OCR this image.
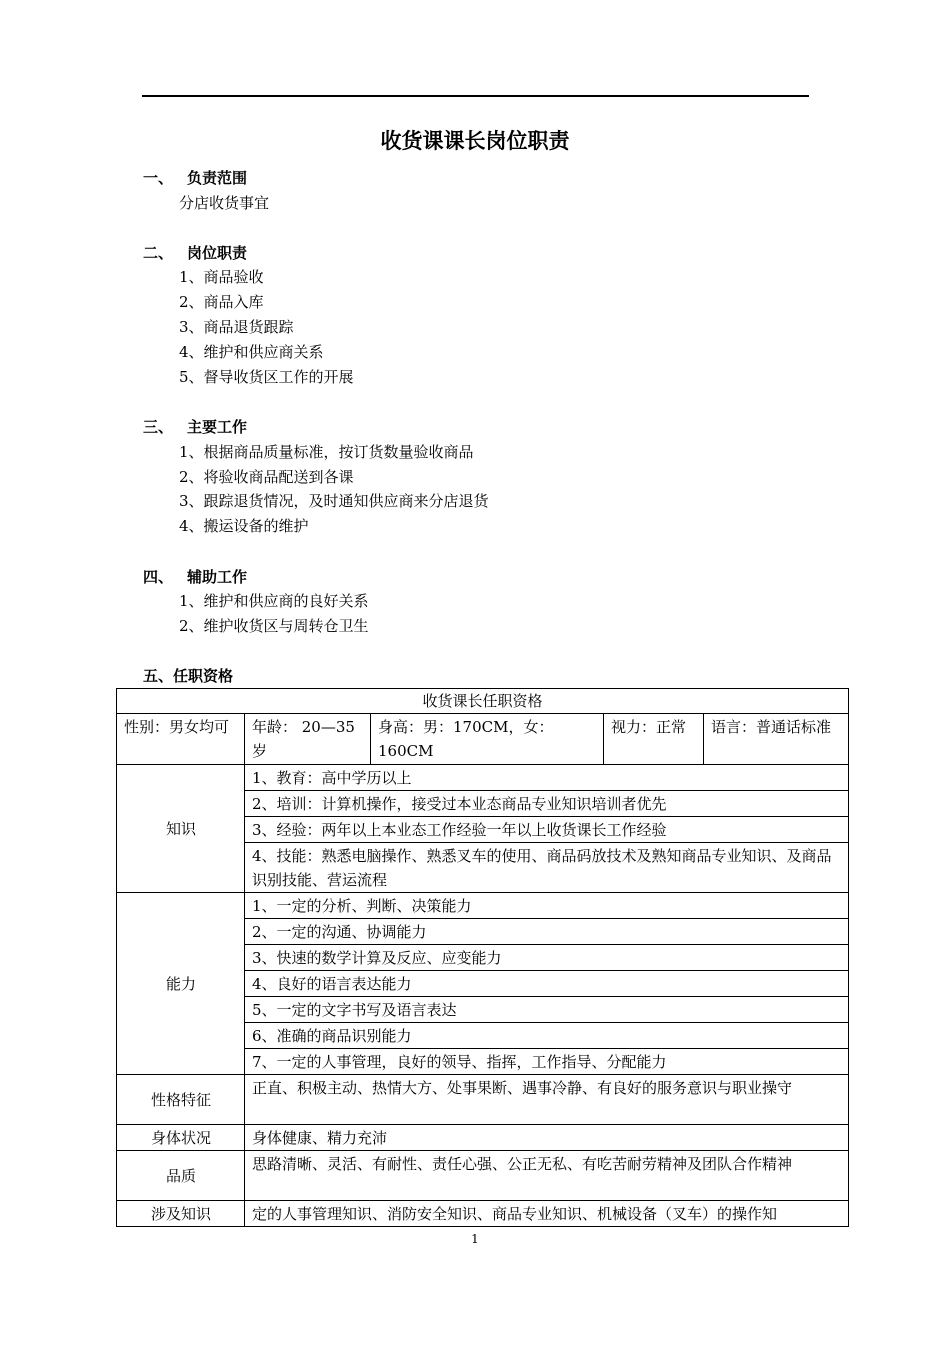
收货课课长岗位职责
一、 负责范围
分店收货事宜
二、 岗位职责
1、商品验收
2、商品入库
3、商品退货跟踪
4、维护和供应商关系
5、督导收货区工作的开展
三、 主要工作
1、根据商品质量标准，按订货数量验收商品
2、将验收商品配送到各课
3、跟踪退货情况，及时通知供应商来分店退货
4、搬运设备的维护
四、 辅助工作
1、维护和供应商的良好关系
2、维护收货区与周转仓卫生
五、任职资格
收货课长任职资格				
性别：男女均可	年龄： 20—35岁	身高：男：170CM，女：160CM	视力：正常	语言：普通话标准
知识	1、教育：高中学历以上			
	2、培训：计算机操作，接受过本业态商品专业知识培训者优先			
	3、经验：两年以上本业态工作经验一年以上收货课长工作经验			
	4、技能：熟悉电脑操作、熟悉叉车的使用、商品码放技术及熟知商品专业知识、及商品识别技能、营运流程			
能力	1、一定的分析、判断、决策能力			
	2、一定的沟通、协调能力			
	3、快速的数学计算及反应、应变能力			
	4、良好的语言表达能力			
	5、一定的文字书写及语言表达			
	6、准确的商品识别能力			
	7、一定的人事管理，良好的领导、指挥，工作指导、分配能力			
性格特征	正直、积极主动、热情大方、处事果断、遇事冷静、有良好的服务意识与职业操守			
身体状况	身体健康、精力充沛			
品质	思路清晰、灵活、有耐性、责任心强、公正无私、有吃苦耐劳精神及团队合作精神			
涉及知识	定的人事管理知识、消防安全知识、商品专业知识、机械设备（叉车）的操作知			
1
